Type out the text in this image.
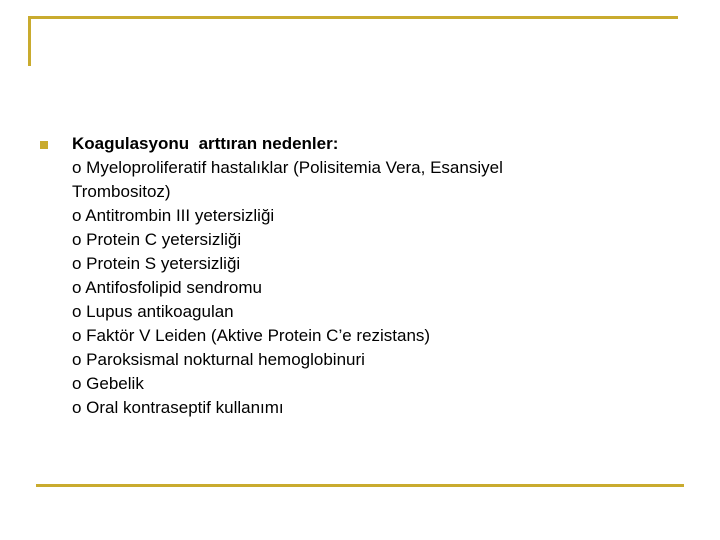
Koagulasyonu  arttıran nedenler:
o Myeloproliferatif hastalıklar (Polisitemia Vera, Esansiyel Trombositoz)
o Antitrombin III yetersizliği
o Protein C yetersizliği
o Protein S yetersizliği
o Antifosfolipid sendromu
o Lupus antikoagulan
o Faktör V Leiden (Aktive Protein C’e rezistans)
o Paroksismal nokturnal hemoglobinuri
o Gebelik
o Oral kontraseptif kullanımı
